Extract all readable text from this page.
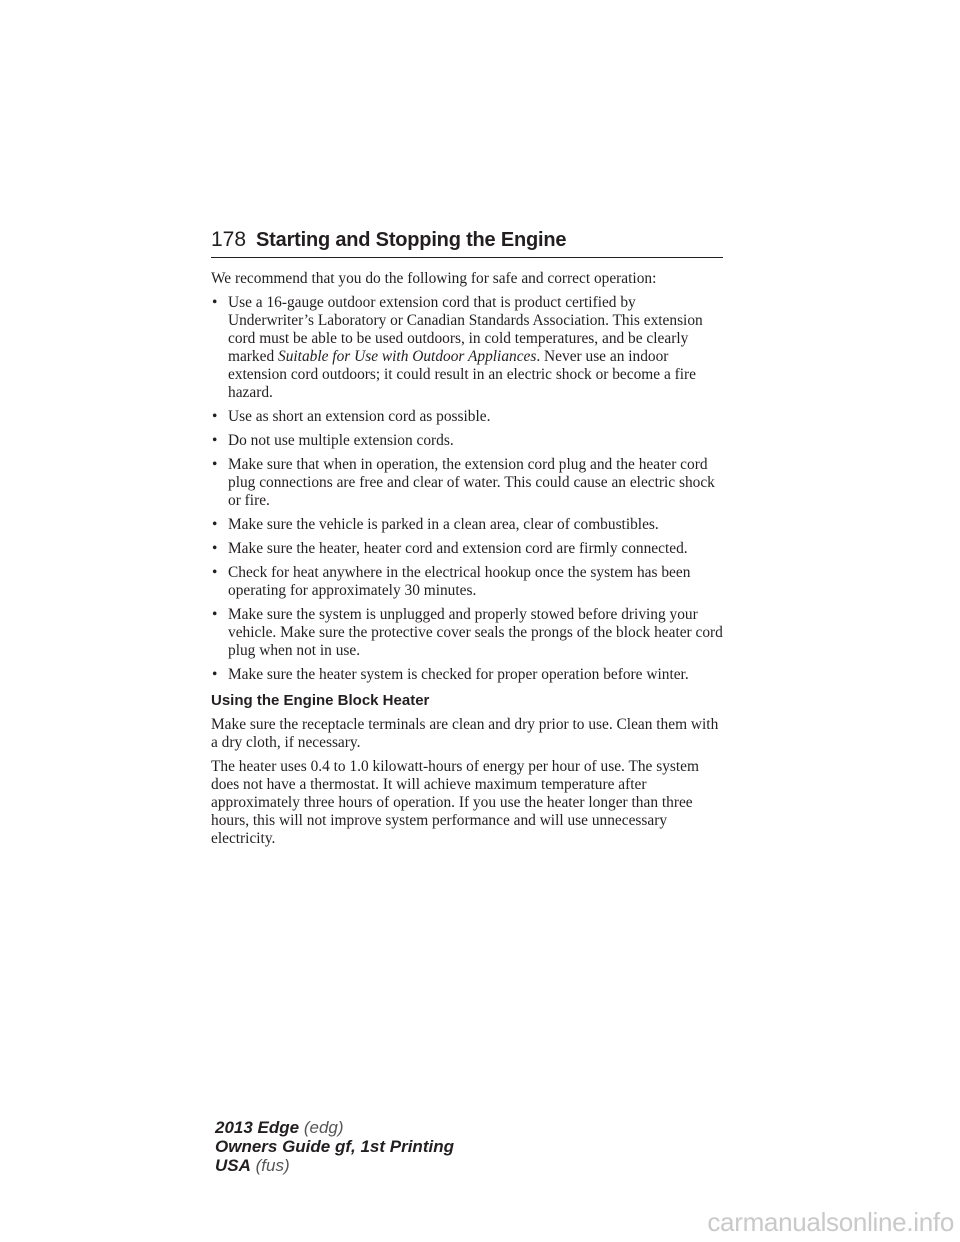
178 Starting and Stopping the Engine

We recommend that you do the following for safe and correct operation:

• Use a 16-gauge outdoor extension cord that is product certified by Underwriter’s Laboratory or Canadian Standards Association. This extension cord must be able to be used outdoors, in cold temperatures, and be clearly marked Suitable for Use with Outdoor Appliances. Never use an indoor extension cord outdoors; it could result in an electric shock or become a fire hazard.
• Use as short an extension cord as possible.
• Do not use multiple extension cords.
• Make sure that when in operation, the extension cord plug and the heater cord plug connections are free and clear of water. This could cause an electric shock or fire.
• Make sure the vehicle is parked in a clean area, clear of combustibles.
• Make sure the heater, heater cord and extension cord are firmly connected.
• Check for heat anywhere in the electrical hookup once the system has been operating for approximately 30 minutes.
• Make sure the system is unplugged and properly stowed before driving your vehicle. Make sure the protective cover seals the prongs of the block heater cord plug when not in use.
• Make sure the heater system is checked for proper operation before winter.
Using the Engine Block Heater

Make sure the receptacle terminals are clean and dry prior to use. Clean them with a dry cloth, if necessary.

The heater uses 0.4 to 1.0 kilowatt-hours of energy per hour of use. The system does not have a thermostat. It will achieve maximum temperature after approximately three hours of operation. If you use the heater longer than three hours, this will not improve system performance and will use unnecessary electricity.

2013 Edge (edg)
Owners Guide gf, 1st Printing
USA (fus)
carmanualsonline.info
